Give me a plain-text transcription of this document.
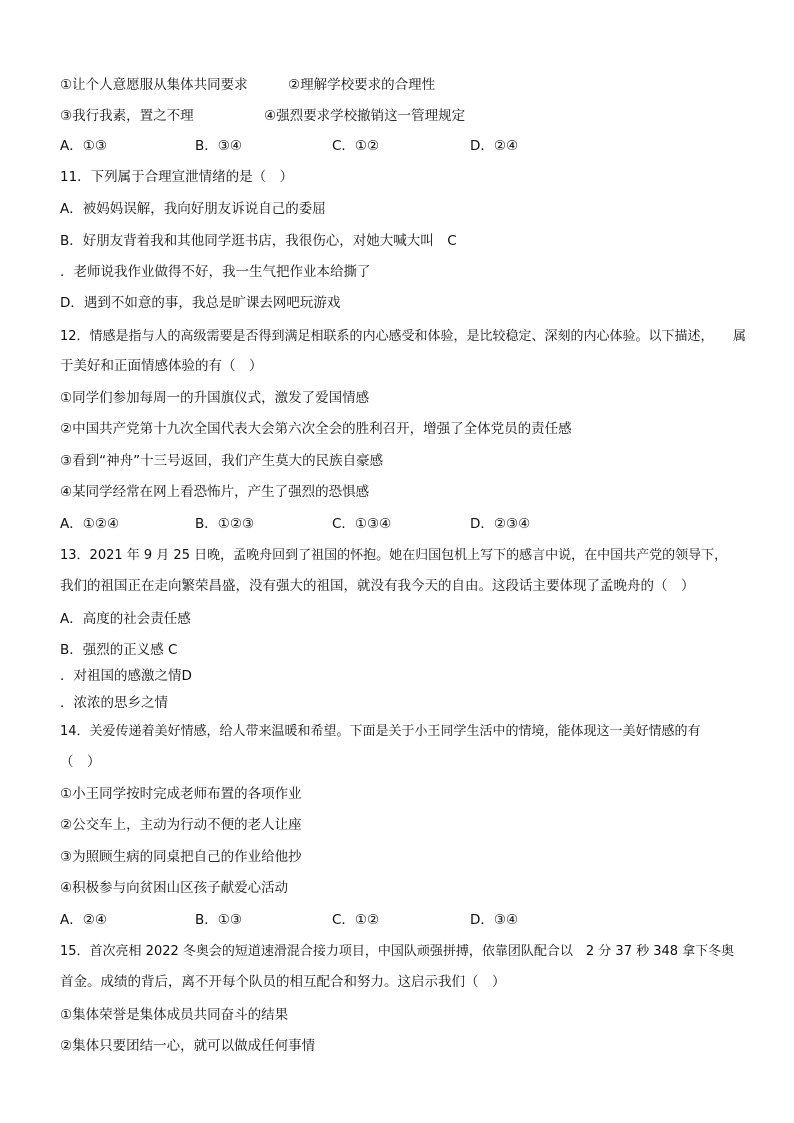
①让个人意愿服从集体共同要求	②理解学校要求的合理性
③我行我素，置之不理	④强烈要求学校撤销这一管理规定
A．①③	B．③④	C．①②	D．②④
11．下列属于合理宣泄情绪的是（　）
A．被妈妈误解，我向好朋友诉说自己的委屈
B．好朋友背着我和其他同学逛书店，我很伤心，对她大喊大叫　C
．老师说我作业做得不好，我一生气把作业本给撕了
D．遇到不如意的事，我总是旷课去网吧玩游戏
12．情感是指与人的高级需要是否得到满足相联系的内心感受和体验，是比较稳定、深刻的内心体验。以下描述，　　属
于美好和正面情感体验的有（　）
①同学们参加每周一的升国旗仪式，激发了爱国情感
②中国共产党第十九次全国代表大会第六次全会的胜利召开，增强了全体党员的责任感
③看到“神舟”十三号返回，我们产生莫大的民族自豪感
④某同学经常在网上看恐怖片，产生了强烈的恐惧感
A．①②④	B．①②③	C．①③④	D．②③④
13．2021 年 9 月 25 日晚，孟晚舟回到了祖国的怀抱。她在归国包机上写下的感言中说，在中国共产党的领导下，
我们的祖国正在走向繁荣昌盛，没有强大的祖国，就没有我今天的自由。这段话主要体现了孟晚舟的（　）
A．高度的社会责任感
B．强烈的正义感 C
．对祖国的感激之情D
．浓浓的思乡之情
14．关爱传递着美好情感，给人带来温暖和希望。下面是关于小王同学生活中的情境，能体现这一美好情感的有
（　）
①小王同学按时完成老师布置的各项作业
②公交车上，主动为行动不便的老人让座
③为照顾生病的同桌把自己的作业给他抄
④积极参与向贫困山区孩子献爱心活动
A．②④	B．①③	C．①②	D．③④
15．首次亮相 2022 冬奥会的短道速滑混合接力项目，中国队顽强拼搏，依靠团队配合以　2 分 37 秒 348 拿下冬奥
首金。成绩的背后，离不开每个队员的相互配合和努力。这启示我们（　）
①集体荣誉是集体成员共同奋斗的结果
②集体只要团结一心，就可以做成任何事情
